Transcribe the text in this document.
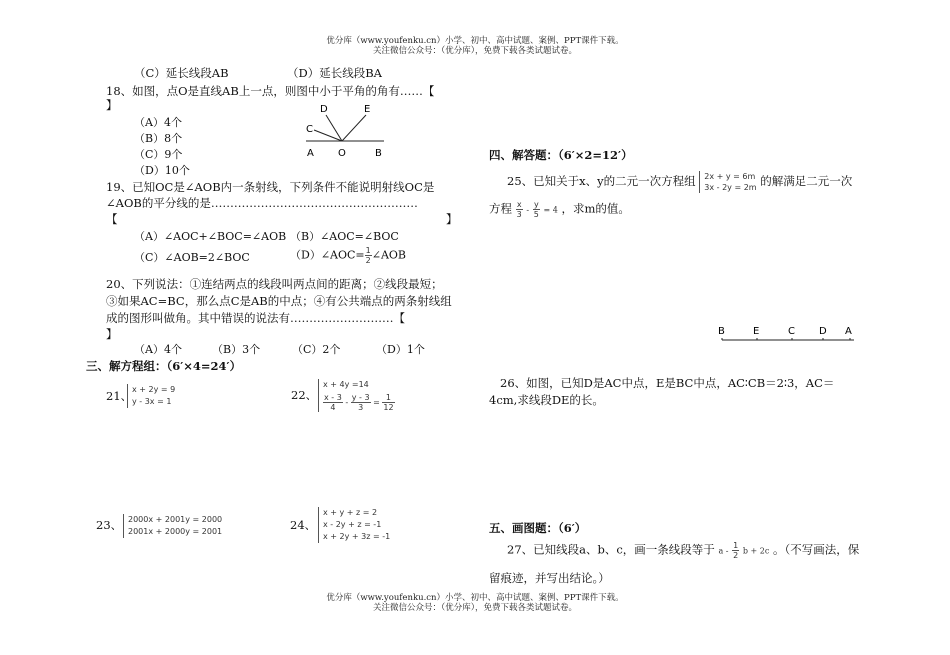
优分库（www.youfenku.cn）小学、初中、高中试题、案例、PPT课件下载。
关注微信公众号：（优分库），免费下载各类试题试卷。
（C）延长线段AB	（D）延长线段BA
18、如图，点O是直线AB上一点，则图中小于平角的角有……【
】
（A）4个
（B）8个
（C）9个
（D）10个
D	E
C
A O	B
19、已知OC是∠AOB内一条射线，下列条件不能说明射线OC是
∠AOB的平分线的是………………………………………………
【	】
（A）∠AOC+∠BOC=∠AOB （B）∠AOC=∠BOC
（C）∠AOB=2∠BOC	（D）∠AOC= $\frac{1}{2}$ ∠AOB
20、下列说法：①连结两点的线段叫两点间的距离；②线段最短；
③如果AC=BC，那么点C是AB的中点；④有公共端点的两条射线组
成的图形叫做角。其中错误的说法有………………………【
】
（A）4个	（B）3个	（C）2个	（D）1个
三、解方程组：（6′×4=24′）
21、 x + 2y = 9
y - 3x = 1	22、
x + 4y =14
$\frac{x - 3}{4} - \frac{y - 3}{3} = \frac{1}{12}$
23、 2000x + 2001y = 2000
2001x + 2000y = 2001	24、
x + y + z = 2
x - 2y + z = -1
x + 2y + 3z = -1
四、解答题：（6′×2=12′）
25、已知关于x、y的二元一次方程组 2x + y = 6m
3x - 2y = 2m 的解满足二元一次
方程 $\frac{x}{3} - \frac{y}{5} = 4$ ，求m的值。
B	E	C D A
26、如图，已知D是AC中点，E是BC中点，AC∶CB＝2∶3，AC＝
4cm,求线段DE的长。
五、画图题：（6′）
27、已知线段a、b、c，画一条线段等于 a - $\frac{1}{2}$ b + 2c 。（不写画法，保
留痕迹，并写出结论。）
优分库（www.youfenku.cn）小学、初中、高中试题、案例、PPT课件下载。
关注微信公众号：（优分库），免费下载各类试题试卷。
